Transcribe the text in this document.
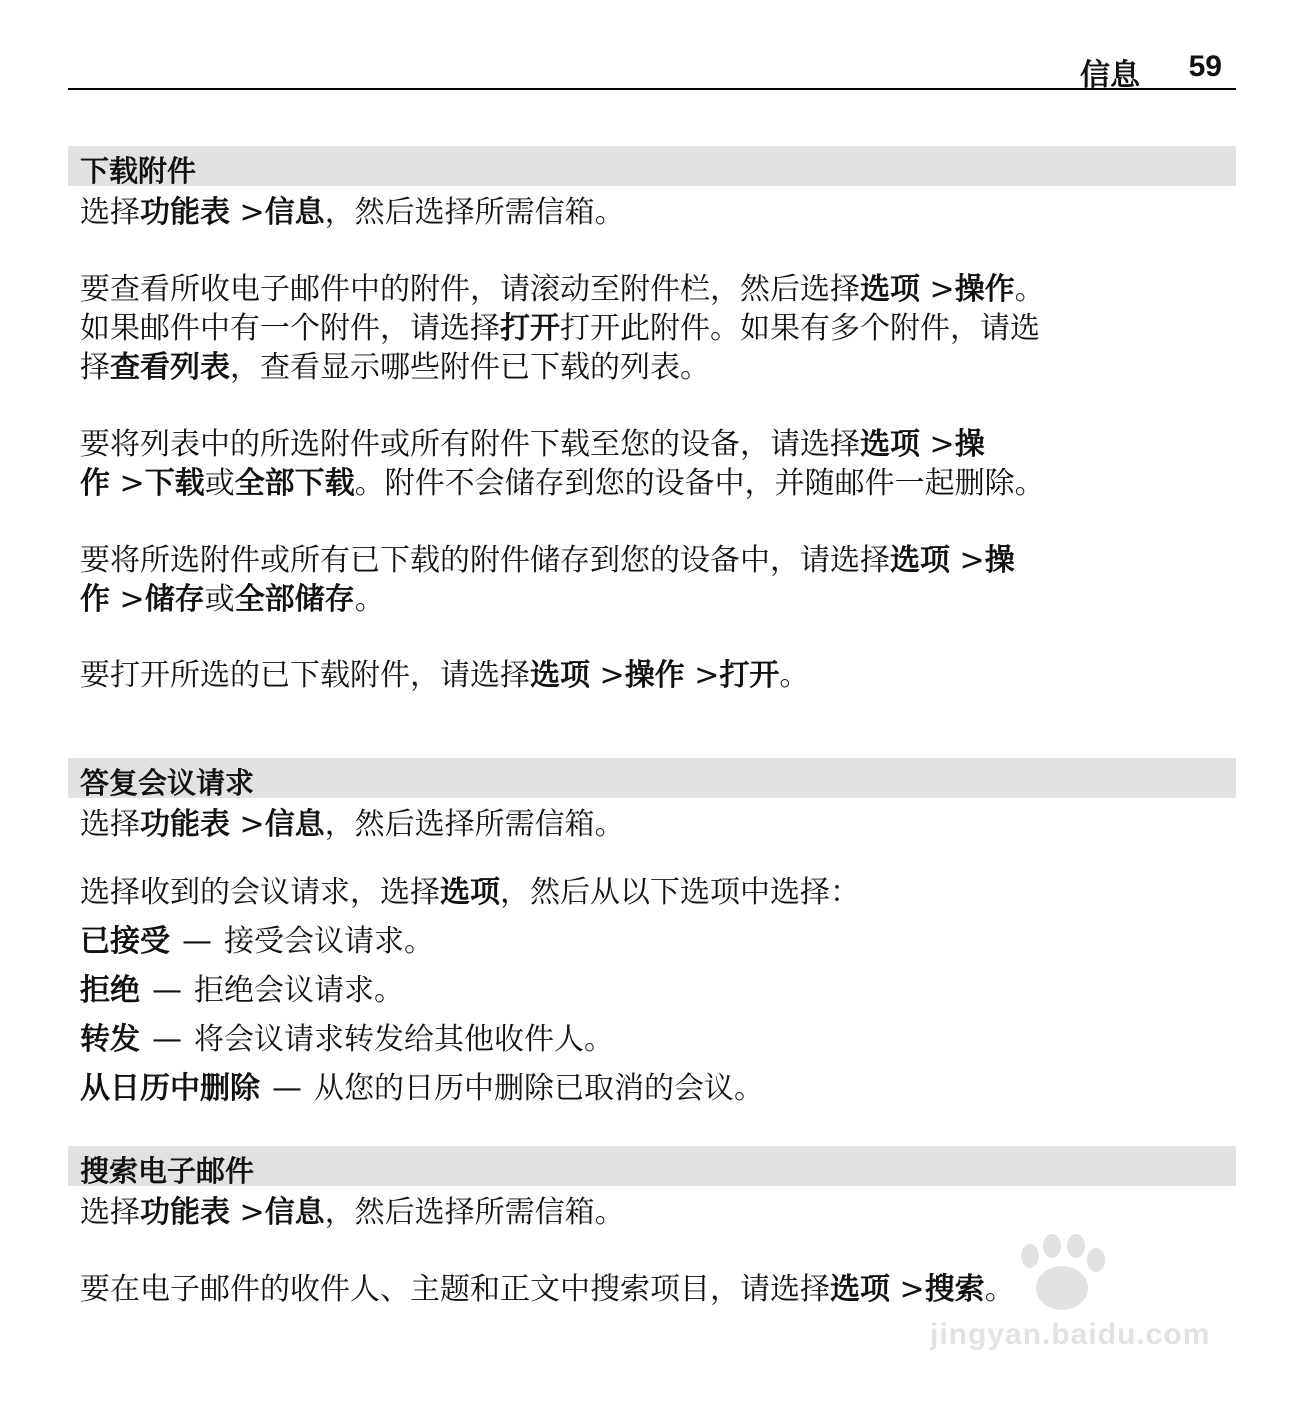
信息 59
下载附件
选择功能表 >信息，然后选择所需信箱。
要查看所收电子邮件中的附件，请滚动至附件栏，然后选择选项 >操作。
如果邮件中有一个附件，请选择打开打开此附件。如果有多个附件，请选
择查看列表，查看显示哪些附件已下载的列表。
要将列表中的所选附件或所有附件下载至您的设备，请选择选项 >操
作 >下载或全部下载。附件不会储存到您的设备中，并随邮件一起删除。
要将所选附件或所有已下载的附件储存到您的设备中，请选择选项 >操
作 >储存或全部储存。
要打开所选的已下载附件，请选择选项 >操作 >打开。
答复会议请求
选择功能表 >信息，然后选择所需信箱。
选择收到的会议请求，选择选项，然后从以下选项中选择：
已接受 — 接受会议请求。
拒绝 — 拒绝会议请求。
转发 — 将会议请求转发给其他收件人。
从日历中删除 — 从您的日历中删除已取消的会议。
搜索电子邮件
选择功能表 >信息，然后选择所需信箱。
要在电子邮件的收件人、主题和正文中搜索项目，请选择选项 >搜索。
jingyan.baidu.com
